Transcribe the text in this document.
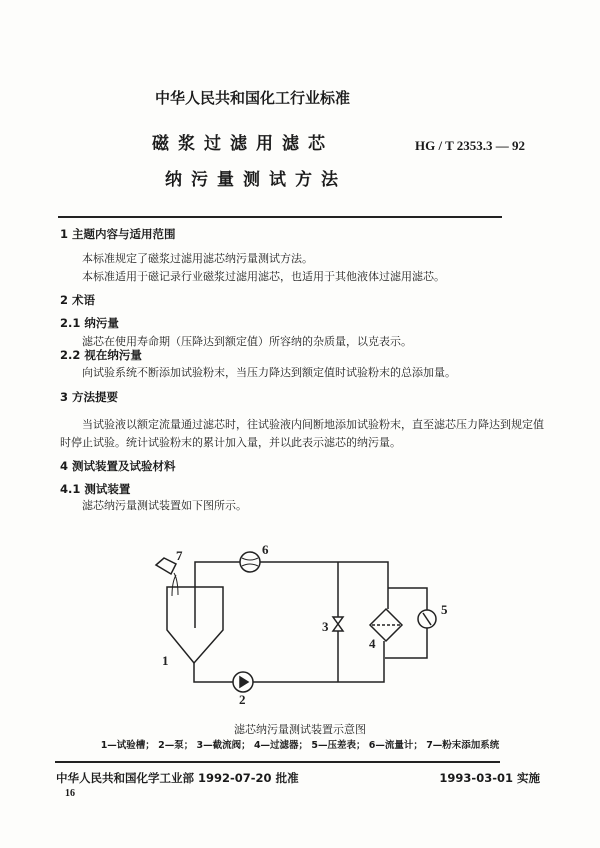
中华人民共和国化工行业标准
磁浆过滤用滤芯
纳污量测试方法
HG / T 2353.3 — 92
1 主题内容与适用范围
本标准规定了磁浆过滤用滤芯纳污量测试方法。
本标准适用于磁记录行业磁浆过滤用滤芯，也适用于其他液体过滤用滤芯。
2 术语
2.1 纳污量
滤芯在使用寿命期（压降达到额定值）所容纳的杂质量，以克表示。
2.2 视在纳污量
向试验系统不断添加试验粉末，当压力降达到额定值时试验粉末的总添加量。
3 方法提要
当试验液以额定流量通过滤芯时，往试验液内间断地添加试验粉末，直至滤芯压力降达到规定值
时停止试验。统计试验粉末的累计加入量，并以此表示滤芯的纳污量。
4 测试装置及试验材料
4.1 测试装置
滤芯纳污量测试装置如下图所示。
1
2
3
4
5
6
7
滤芯纳污量测试装置示意图
1—试验槽； 2—泵； 3—截流阀； 4—过滤器； 5—压差表； 6—流量计； 7—粉末添加系统
中华人民共和国化学工业部 1992-07-20 批准	1993-03-01 实施
16
